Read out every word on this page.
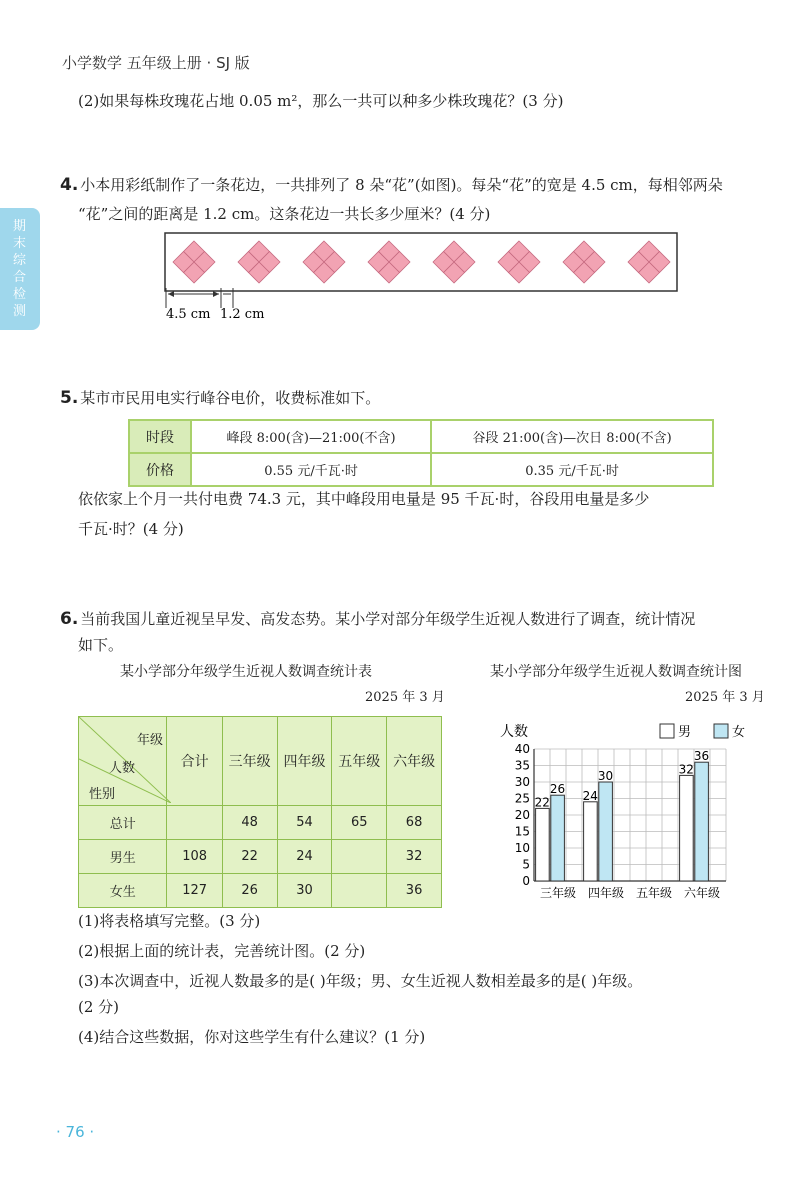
小学数学 五年级上册 · SJ 版
期末综合检测
(2)如果每株玫瑰花占地 0.05 m²，那么一共可以种多少株玫瑰花？(3 分)
4. 小本用彩纸制作了一条花边，一共排列了 8 朵“花”(如图)。每朵“花”的宽是 4.5 cm，每相邻两朵
“花”之间的距离是 1.2 cm。这条花边一共长多少厘米？(4 分)
4.5 cm 1.2 cm
5. 某市市民用电实行峰谷电价，收费标准如下。
时段	峰段 8:00(含)—21:00(不含)	谷段 21:00(含)—次日 8:00(不含)
价格	0.55 元/千瓦·时	0.35 元/千瓦·时
依依家上个月一共付电费 74.3 元，其中峰段用电量是 95 千瓦·时，谷段用电量是多少
千瓦·时？(4 分)
6. 当前我国儿童近视呈早发、高发态势。某小学对部分年级学生近视人数进行了调查，统计情况
如下。
某小学部分年级学生近视人数调查统计表
2025 年 3 月
年级
人数
性别	合计	三年级	四年级	五年级	六年级
总计		48	54	65	68
男生	108	22	24		32
女生	127	26	30		36
某小学部分年级学生近视人数调查统计图
2025 年 3 月
0
5
10
15
20
25
30
35
40
22
26
三年级
24
30
四年级 五年级
32
36
六年级
人数	男	女
(1)将表格填写完整。(3 分)
(2)根据上面的统计表，完善统计图。(2 分)
(3)本次调查中，近视人数最多的是( )年级；男、女生近视人数相差最多的是( )年级。
(2 分)
(4)结合这些数据，你对这些学生有什么建议？(1 分)
· 76 ·
